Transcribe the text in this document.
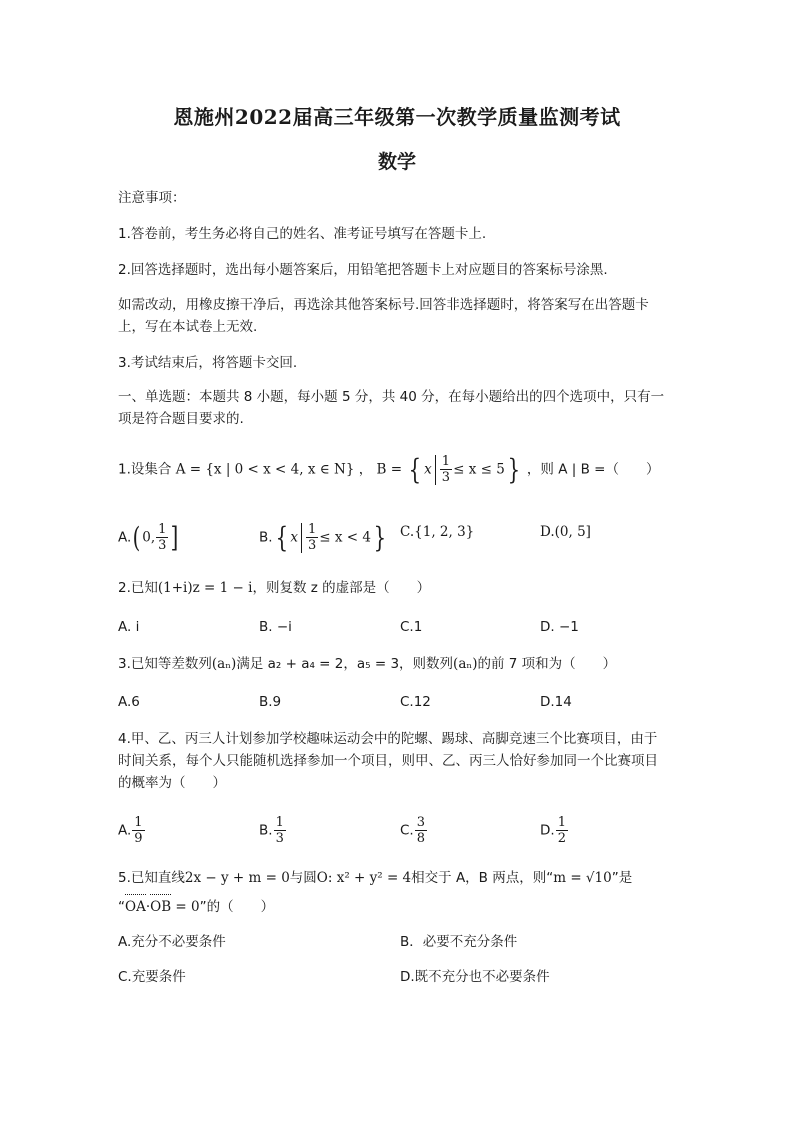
恩施州2022届高三年级第一次教学质量监测考试
数学
注意事项：
1.答卷前，考生务必将自己的姓名、准考证号填写在答题卡上.
2.回答选择题时，选出每小题答案后，用铅笔把答题卡上对应题目的答案标号涂黑.
如需改动，用橡皮擦干净后，再选涂其他答案标号.回答非选择题时，将答案写在出答题卡
上，写在本试卷上无效.
3.考试结束后，将答题卡交回.
一、单选题：本题共 8 小题，每小题 5 分，共 40 分，在每小题给出的四个选项中，只有一
项是符合题目要求的.
1.设集合 A = {x | 0 < x < 4, x ∈ N} ， B = { x $\frac{1}{3} \le x \le 5$} ，则 A | B =（　　）
A.( 0, $\frac{1}{3}$ ]	B.{ x $\frac{1}{3} \le x < 4$} C.{1, 2, 3}	D.(0, 5]
2.已知(1+i)z = 1 − i，则复数 z 的虚部是（　　）
A. i	B. −i	C.1	D. −1
3.已知等差数列(aₙ)满足 a₂ + a₄ = 2，a₅ = 3，则数列(aₙ)的前 7 项和为（　　）
A.6	B.9	C.12	D.14
4.甲、乙、丙三人计划参加学校趣味运动会中的陀螺、踢球、高脚竞速三个比赛项目，由于
时间关系，每个人只能随机选择参加一个项目，则甲、乙、丙三人恰好参加同一个比赛项目
的概率为（　　）
A. $\frac{1}{9}$	B. $\frac{1}{3}$	C. $\frac{3}{8}$	D. $\frac{1}{2}$
5.已知直线2x − y + m = 0与圆O: x² + y² = 4相交于 A，B 两点，则“m = √10”是
“OA·OB = 0”的（　　）
A.充分不必要条件	B．必要不充分条件
C.充要条件	D.既不充分也不必要条件
